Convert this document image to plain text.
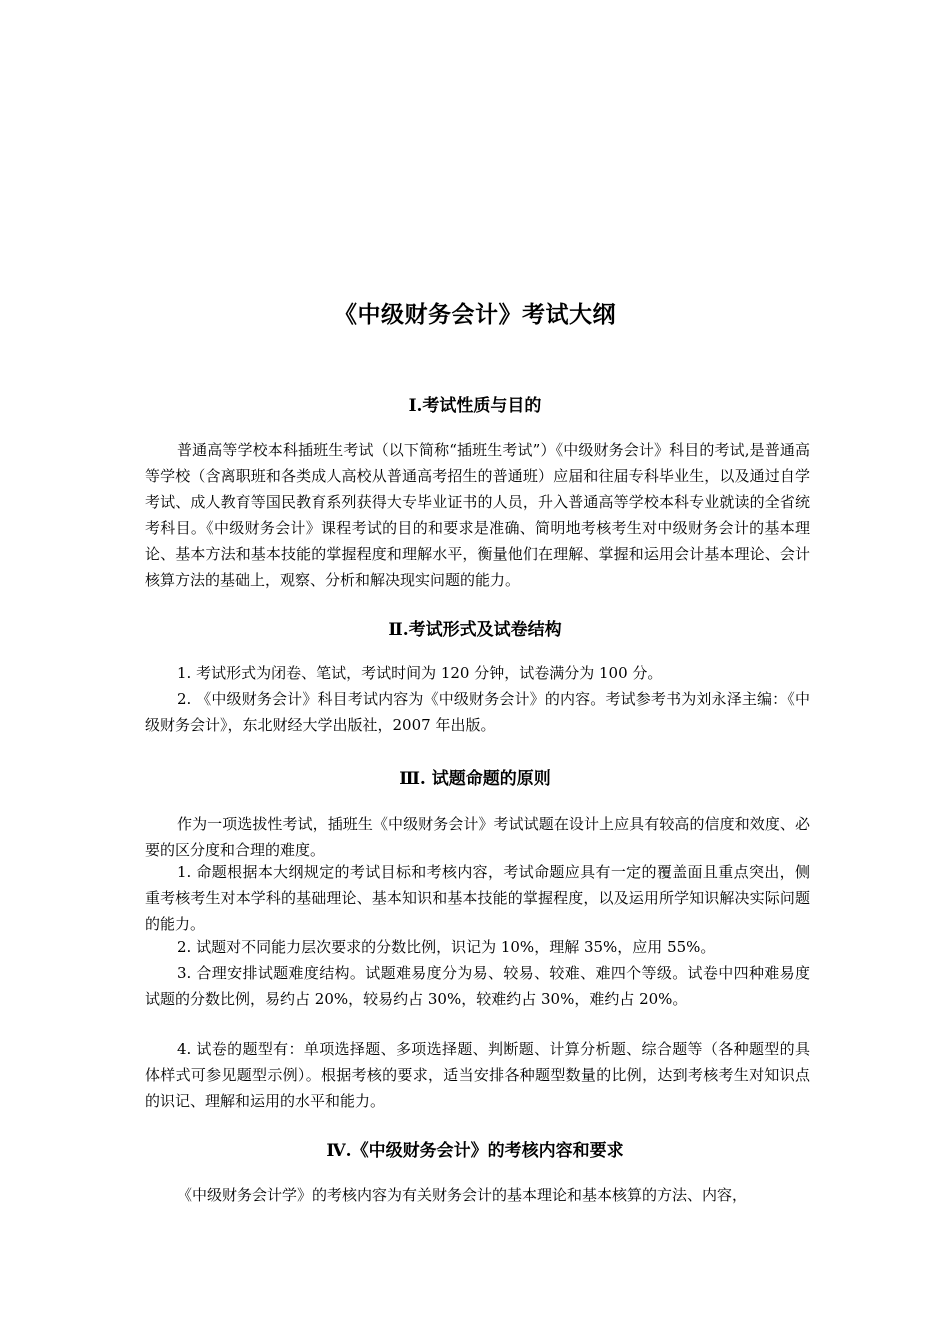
《中级财务会计》考试大纲
Ⅰ.考试性质与目的
普通高等学校本科插班生考试（以下简称“插班生考试”）《中级财务会计》科目的考试,是普通高等学校（含离职班和各类成人高校从普通高考招生的普通班）应届和往届专科毕业生，以及通过自学考试、成人教育等国民教育系列获得大专毕业证书的人员，升入普通高等学校本科专业就读的全省统考科目。《中级财务会计》课程考试的目的和要求是准确、简明地考核考生对中级财务会计的基本理论、基本方法和基本技能的掌握程度和理解水平，衡量他们在理解、掌握和运用会计基本理论、会计核算方法的基础上，观察、分析和解决现实问题的能力。
Ⅱ.考试形式及试卷结构
1. 考试形式为闭卷、笔试，考试时间为 120 分钟，试卷满分为 100 分。
2. 《中级财务会计》科目考试内容为《中级财务会计》的内容。考试参考书为刘永泽主编：《中级财务会计》，东北财经大学出版社，2007 年出版。
Ⅲ. 试题命题的原则
作为一项选拔性考试，插班生《中级财务会计》考试试题在设计上应具有较高的信度和效度、必要的区分度和合理的难度。
1. 命题根据本大纲规定的考试目标和考核内容，考试命题应具有一定的覆盖面且重点突出，侧重考核考生对本学科的基础理论、基本知识和基本技能的掌握程度，以及运用所学知识解决实际问题的能力。
2. 试题对不同能力层次要求的分数比例，识记为 10%，理解 35%，应用 55%。
3. 合理安排试题难度结构。试题难易度分为易、较易、较难、难四个等级。试卷中四种难易度试题的分数比例，易约占 20%，较易约占 30%，较难约占 30%，难约占 20%。
4. 试卷的题型有：单项选择题、多项选择题、判断题、计算分析题、综合题等（各种题型的具体样式可参见题型示例）。根据考核的要求，适当安排各种题型数量的比例，达到考核考生对知识点的识记、理解和运用的水平和能力。
Ⅳ.《中级财务会计》的考核内容和要求
《中级财务会计学》的考核内容为有关财务会计的基本理论和基本核算的方法、内容，
